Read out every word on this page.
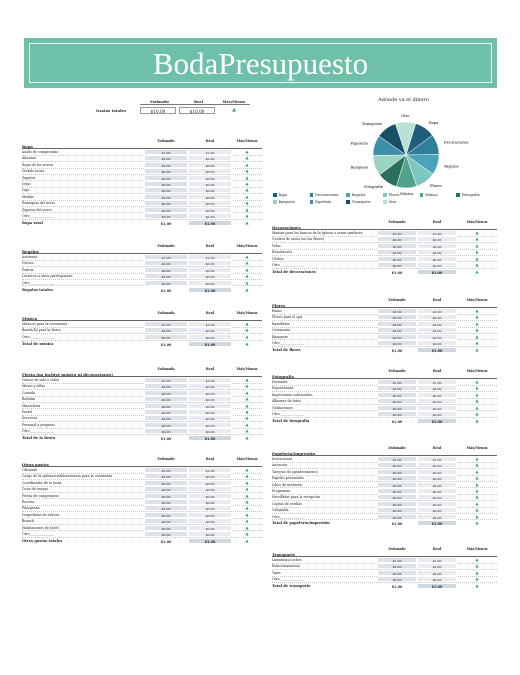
BodaPresupuesto
Estimado	Real	Más/Menos
Gastos totales	$10.00	$10.00	▲
Adónde va el dinero
Ropa
Decoraciones
Regalos
Flores
Música
Fotografía
Banquete
Papelería
Transporte
Otro
Ropa	Decoraciones	Regalos	Flores	Música	Fotografía
Banquete	Papelería	Transporte	Otro
Estimado	Real	Más/Menos
Ropa
Anillo de compromiso	$1.00	$1.00	▲
Alianzas	$0.00	$0.00	▲
Ropa de los novios	$0.00	$0.00	▲
Vestido novia	$0.00	$0.00	▲
Zapatos	$0.00	$0.00	▲
Joyas	$0.00	$0.00	▲
Liga	$0.00	$0.00	▲
Medias	$0.00	$0.00	▲
Esmoquin del novio	$0.00	$0.00	▲
Zapatos del novio	$0.00	$0.00	▲
Otro_______________	$0.00	$0.00	▲
Ropa total	$1.00	$1.00	▲
Estimado	Real	Más/Menos
Regalos
Asistente	$1.00	$1.00	▲
Novios	$0.00	$0.00	▲
Padres	$0.00	$0.00	▲
Lectores u otros participantes	$0.00	$0.00	▲
Otro_______________	$0.00	$0.00	▲
Regalos totales	$1.00	$1.00	▲
Estimado	Real	Más/Menos
Música
Músicos para la ceremonia	$1.00	$1.00	▲
Banda/DJ para la fiesta	$0.00	$0.00	▲
Otro_______________	$0.00	$0.00	▲
Total de música	$1.00	$1.00	▲
Estimado	Real	Más/Menos
Fiesta (no incluye música ni decoraciones)
Gastos de sala o salón	$1.00	$1.00	▲
Mesas y sillas	$0.00	$0.00	▲
Comida	$0.00	$0.00	▲
Bebidas	$0.00	$0.00	▲
Mantelería	$0.00	$0.00	▲
Pastel	$0.00	$0.00	▲
Servicios	$0.00	$0.00	▲
Personal y propinas	$0.00	$0.00	▲
Otro_______________	$0.00	$0.00	▲
Total de la fiesta	$1.00	$1.00	▲
Estimado	Real	Más/Menos
Otros gastos
Oficiante	$1.00	$1.00	▲
Cargo de la iglesia/establecimiento para la ceremonia	$0.00	$0.00	▲
Coordinador de la boda	$0.00	$0.00	▲
Cena de ensayo	$0.00	$0.00	▲
Fiesta de compromiso	$0.00	$0.00	▲
Recena	$0.00	$0.00	▲
Pilmijantis	$0.00	$0.00	▲
Despedidas de soltera	$0.00	$0.00	▲
Brunch	$0.00	$0.00	▲
Habitaciones de hotel	$0.00	$0.00	▲
Otro_______________	$0.00	$0.00	▲
Otros gastos totales	$1.00	$1.00	▲
Estimado	Real	Más/Menos
Decoraciones
Mantas para los bancos de la iglesia o zonas similares	$1.00	$1.00	▲
Centros de mesa (no las flores)	$0.00	$0.00	▲
Velas	$0.00	$0.00	▲
Iluminación	$0.00	$0.00	▲
Globos	$0.00	$0.00	▲
Otro_______________	$0.00	$0.00	▲
Total de decoraciones	$1.00	$1.00	▲
Estimado	Real	Más/Menos
Flores
Ramo	$1.00	$1.00	▲
Flores para el ojal	$0.00	$0.00	▲
Ramilletes	$0.00	$0.00	▲
Ceremonia	$0.00	$0.00	▲
Banquete	$0.00	$0.00	▲
Otro_______________	$0.00	$0.00	▲
Total de flores	$1.00	$1.00	▲
Estimado	Real	Más/Menos
Fotografía
Formales	$1.00	$1.00	▲
Espontáneas	$0.00	$0.00	▲
Impresiones adicionales	$0.00	$0.00	▲
Albumes de fotos	$0.00	$0.00	▲
Grabaciones	$0.00	$0.00	▲
Otro_______________	$0.00	$0.00	▲
Total de fotografía	$1.00	$1.00	▲
Estimado	Real	Más/Menos
Papelería/Impresión
Invitaciones	$1.00	$1.00	▲
Anuncios	$0.00	$0.00	▲
Tarjetas de agradecimiento	$0.00	$0.00	▲
Papeles personales	$0.00	$0.00	▲
Libro de invitados	$0.00	$0.00	▲
Programas	$0.00	$0.00	▲
Servilletas para la recepción	$0.00	$0.00	▲
Cajitas de cerillas	$0.00	$0.00	▲
Caligrafía	$0.00	$0.00	▲
Otro_______________	$0.00	$0.00	▲
Total de papelería/impresión	$1.00	$1.00	▲
Estimado	Real	Más/Menos
Transporte
Limusinas/coches	$1.00	$1.00	▲
Estacionamiento	$0.00	$0.00	▲
Taxis	$0.00	$0.00	▲
Otro_______________	$0.00	$0.00	▲
Total de transporte	$1.00	$1.00	▲
